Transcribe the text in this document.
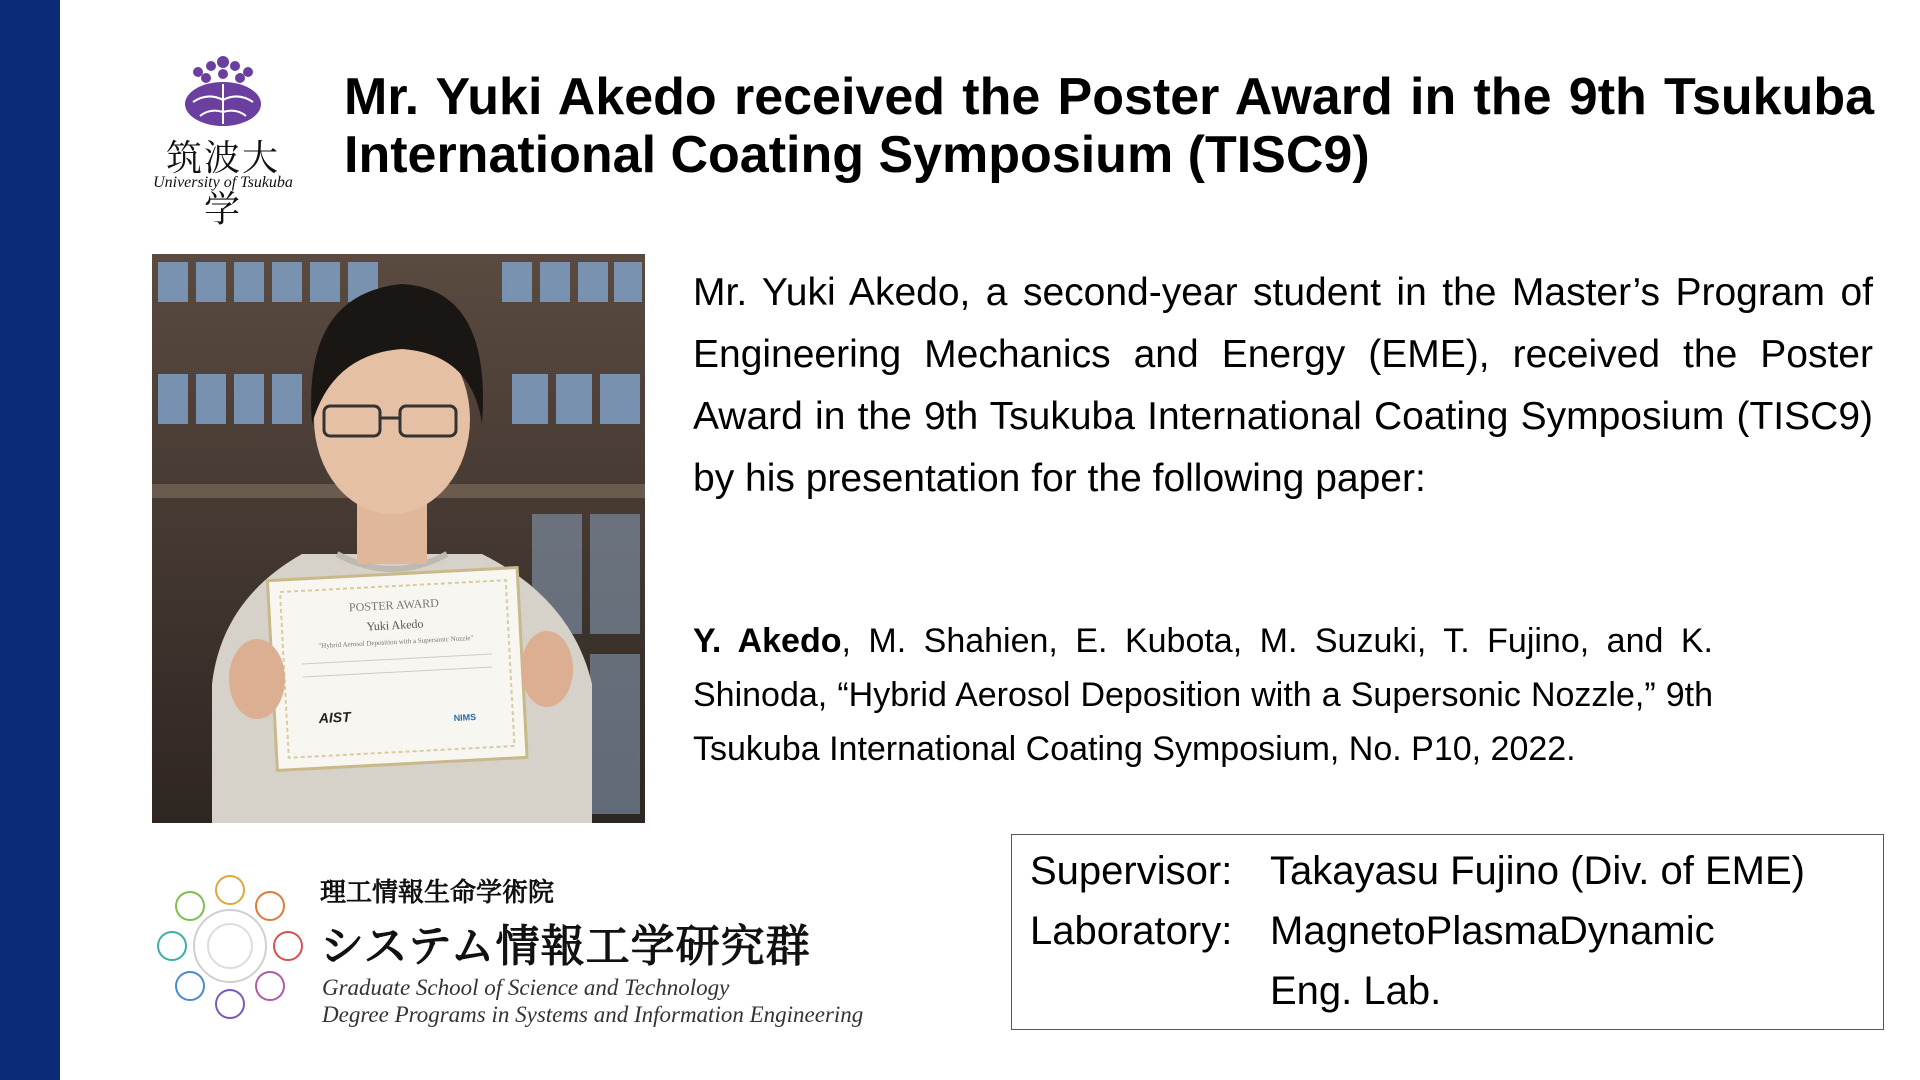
筑波大学
University of Tsukuba
Mr. Yuki Akedo received the Poster Award in the 9th Tsukuba International Coating Symposium (TISC9)
POSTER AWARD
Yuki Akedo
"Hybrid Aerosol Deposition with a Supersonic Nozzle"
AIST	NIMS
Mr. Yuki Akedo, a second-year student in the Master’s Program of Engineering Mechanics and Energy (EME), received the Poster Award in the 9th Tsukuba International Coating Symposium (TISC9) by his presentation for the following paper:
Y. Akedo, M. Shahien, E. Kubota, M. Suzuki, T. Fujino, and K. Shinoda, “Hybrid Aerosol Deposition with a Supersonic Nozzle,” 9th Tsukuba International Coating Symposium, No. P10, 2022.
Supervisor: Takayasu Fujino (Div. of EME)
Laboratory: MagnetoPlasmaDynamic
Eng. Lab.
理工情報生命学術院
システム情報工学研究群
Graduate School of Science and Technology
Degree Programs in Systems and Information Engineering
